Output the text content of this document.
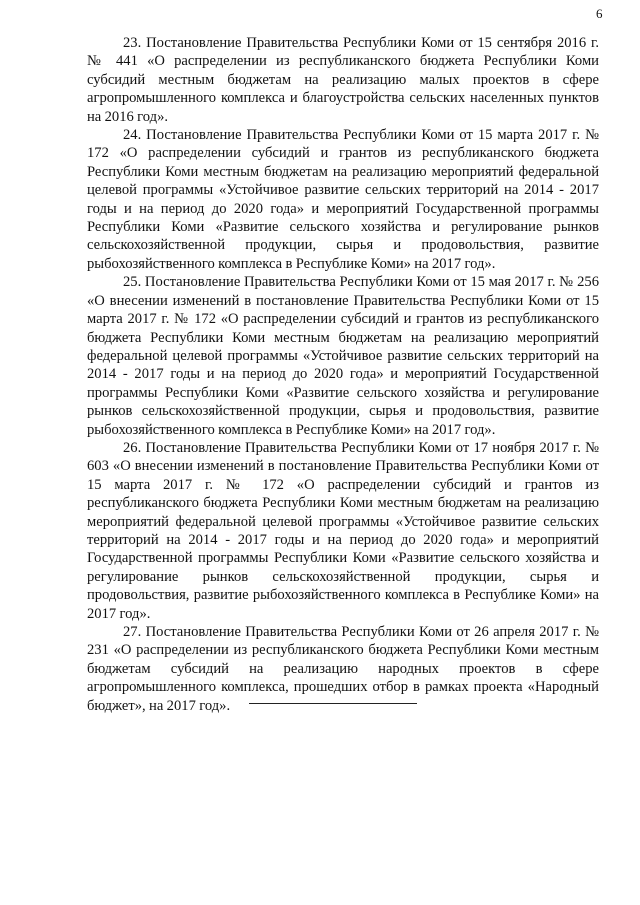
6

23. Постановление Правительства Республики Коми от 15 сентября 2016 г. № 441 «О распределении из республиканского бюджета Республики Коми субсидий местным бюджетам на реализацию малых проектов в сфере агропромышленного комплекса и благоустройства сельских населенных пунктов на 2016 год».

24. Постановление Правительства Республики Коми от 15 марта 2017 г. № 172 «О распределении субсидий и грантов из республиканского бюджета Республики Коми местным бюджетам на реализацию мероприятий федеральной целевой программы «Устойчивое развитие сельских территорий на 2014 - 2017 годы и на период до 2020 года» и мероприятий Государственной программы Республики Коми «Развитие сельского хозяйства и регулирование рынков сельскохозяйственной продукции, сырья и продовольствия, развитие рыбохозяйственного комплекса в Республике Коми» на 2017 год».

25. Постановление Правительства Республики Коми от 15 мая 2017 г. № 256 «О внесении изменений в постановление Правительства Республики Коми от 15 марта 2017 г. № 172 «О распределении субсидий и грантов из республиканского бюджета Республики Коми местным бюджетам на реализацию мероприятий федеральной целевой программы «Устойчивое развитие сельских территорий на 2014 - 2017 годы и на период до 2020 года» и мероприятий Государственной программы Республики Коми «Развитие сельского хозяйства и регулирование рынков сельскохозяйственной продукции, сырья и продовольствия, развитие рыбохозяйственного комплекса в Республике Коми» на 2017 год».

26. Постановление Правительства Республики Коми от 17 ноября 2017 г. № 603 «О внесении изменений в постановление Правительства Республики Коми от 15 марта 2017 г. № 172 «О распределении субсидий и грантов из республиканского бюджета Республики Коми местным бюджетам на реализацию мероприятий федеральной целевой программы «Устойчивое развитие сельских территорий на 2014 - 2017 годы и на период до 2020 года» и мероприятий Государственной программы Республики Коми «Развитие сельского хозяйства и регулирование рынков сельскохозяйственной продукции, сырья и продовольствия, развитие рыбохозяйственного комплекса в Республике Коми» на 2017 год».

27. Постановление Правительства Республики Коми от 26 апреля 2017 г. № 231 «О распределении из республиканского бюджета Республики Коми местным бюджетам субсидий на реализацию народных проектов в сфере агропромышленного комплекса, прошедших отбор в рамках проекта «Народный бюджет», на 2017 год».
